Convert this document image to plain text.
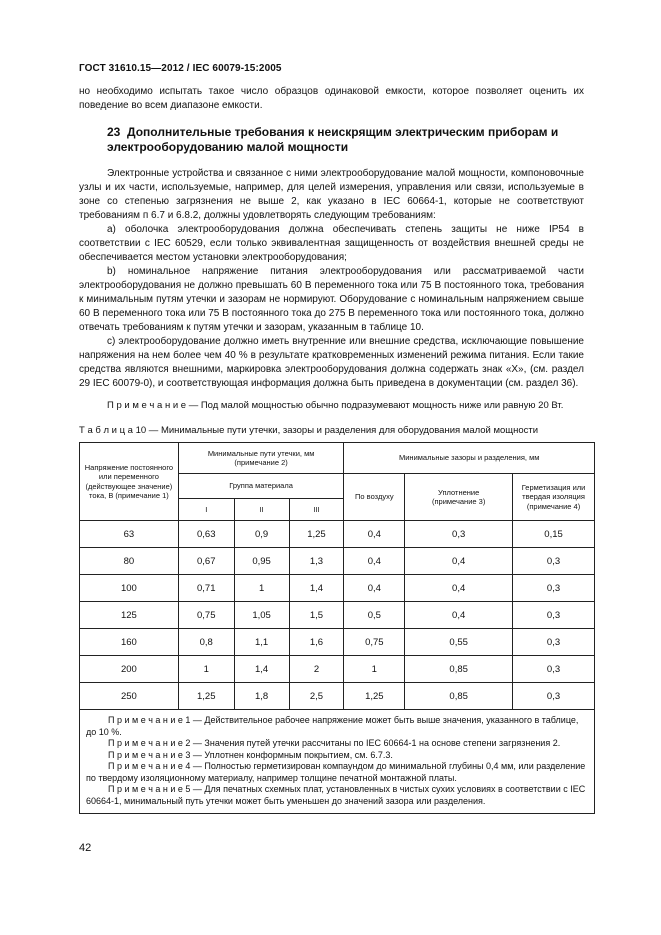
ГОСТ 31610.15—2012 / IEC 60079-15:2005

но необходимо испытать такое число образцов одинаковой емкости, которое позволяет оценить их поведение во всем диапазоне емкости.

23 Дополнительные требования к неискрящим электрическим приборам и электрооборудованию малой мощности

Электронные устройства и связанное с ними электрооборудование малой мощности, компоновочные узлы и их части, используемые, например, для целей измерения, управления или связи, используемые в зоне со степенью загрязнения не выше 2, как указано в IEC 60664-1, которые не соответствуют требованиям п 6.7 и 6.8.2, должны удовлетворять следующим требованиям:

а) оболочка электрооборудования должна обеспечивать степень защиты не ниже IP54 в соответствии с IEC 60529, если только эквивалентная защищенность от воздействия внешней среды не обеспечивается местом установки электрооборудования;

b) номинальное напряжение питания электрооборудования или рассматриваемой части электрооборудования не должно превышать 60 В переменного тока или 75 В постоянного тока, требования к минимальным путям утечки и зазорам не нормируют. Оборудование с номинальным напряжением свыше 60 В переменного тока или 75 В постоянного тока до 275 В переменного тока или постоянного тока, должно отвечать требованиям к путям утечки и зазорам, указанным в таблице 10.

с) электрооборудование должно иметь внутренние или внешние средства, исключающие повышение напряжения на нем более чем 40 % в результате кратковременных изменений режима питания. Если такие средства являются внешними, маркировка электрооборудования должна содержать знак «X», (см. раздел 29 IEC 60079-0), и соответствующая информация должна быть приведена в документации (см. раздел 36).

П р и м е ч а н и е — Под малой мощностью обычно подразумевают мощность ниже или равную 20 Вт.
Т а б л и ц а 10 — Минимальные пути утечки, зазоры и разделения для оборудования малой мощности
Напряжение постоянного или переменного (действующее значение) тока, В (примечание 1)	Минимальные пути утечки, мм (примечание 2)			Минимальные зазоры и разделения, мм		
	Группа материала			По воздуху	Уплотнение (примечание 3)	Герметизация или твердая изоляция (примечание 4)
	I	II	III			
63	0,63	0,9	1,25	0,4	0,3	0,15
80	0,67	0,95	1,3	0,4	0,4	0,3
100	0,71	1	1,4	0,4	0,4	0,3
125	0,75	1,05	1,5	0,5	0,4	0,3
160	0,8	1,1	1,6	0,75	0,55	0,3
200	1	1,4	2	1	0,85	0,3
250	1,25	1,8	2,5	1,25	0,85	0,3

П р и м е ч а н и е 1 — Действительное рабочее напряжение может быть выше значения, указанного в таблице, до 10 %.
П р и м е ч а н и е 2 — Значения путей утечки рассчитаны по IEC 60664-1 на основе степени загрязнения 2.
П р и м е ч а н и е 3 — Уплотнен конформным покрытием, см. 6.7.3.
П р и м е ч а н и е 4 — Полностью герметизирован компаундом до минимальной глубины 0,4 мм, или разделение по твердому изоляционному материалу, например толщине печатной монтажной платы.
П р и м е ч а н и е 5 — Для печатных схемных плат, установленных в чистых сухих условиях в соответствии с IEC 60664-1, минимальный путь утечки может быть уменьшен до значений зазора или разделения.						
42
